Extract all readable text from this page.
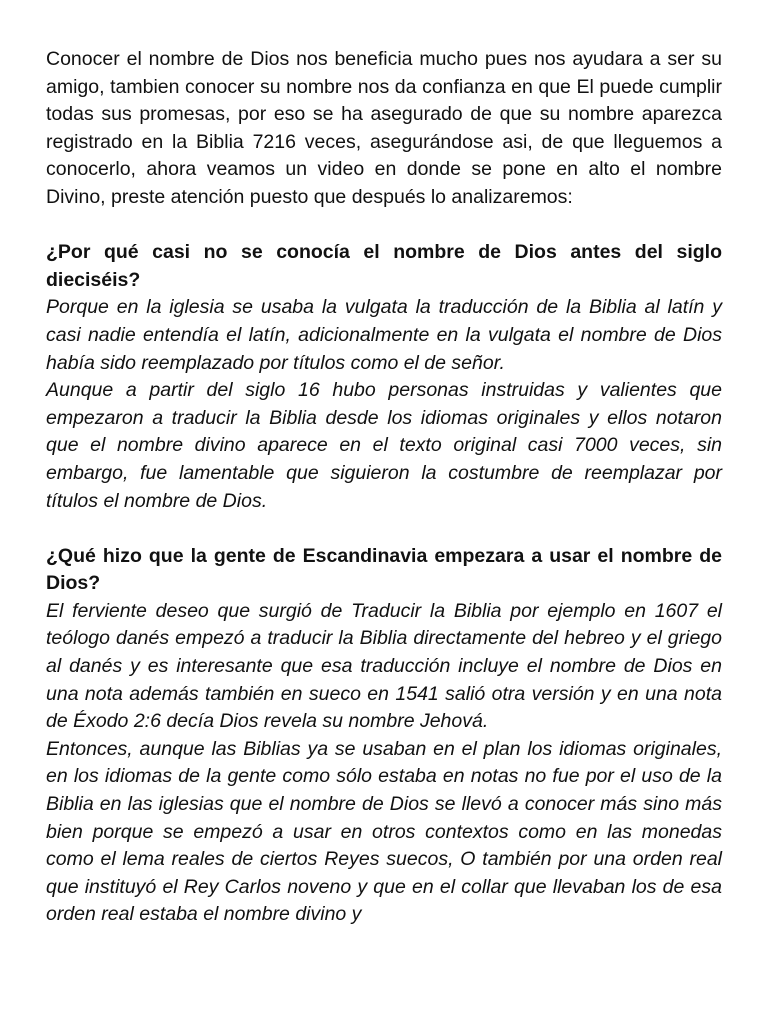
Conocer el nombre de Dios nos beneficia mucho pues nos ayudara a ser su amigo, tambien conocer su nombre nos da confianza en que El puede cumplir todas sus promesas, por eso se ha asegurado de que su nombre aparezca registrado en la Biblia 7216 veces, asegurándose asi, de que lleguemos a conocerlo, ahora veamos un video en donde se pone en alto el nombre Divino, preste atención puesto que después lo analizaremos:

¿Por qué casi no se conocía el nombre de Dios antes del siglo dieciséis?

Porque en la iglesia se usaba la vulgata la traducción de la Biblia al latín y casi nadie entendía el latín, adicionalmente en la vulgata el nombre de Dios había sido reemplazado por títulos como el de señor.

Aunque a partir del siglo 16 hubo personas instruidas y valientes que empezaron a traducir la Biblia desde los idiomas originales y ellos notaron que el nombre divino aparece en el texto original casi 7000 veces, sin embargo, fue lamentable que siguieron la costumbre de reemplazar por títulos el nombre de Dios.

¿Qué hizo que la gente de Escandinavia empezara a usar el nombre de Dios?

El ferviente deseo que surgió de Traducir la Biblia por ejemplo en 1607 el teólogo danés empezó a traducir la Biblia directamente del hebreo y el griego al danés y es interesante que esa traducción incluye el nombre de Dios en una nota además también en sueco en 1541 salió otra versión y en una nota de Éxodo 2:6 decía Dios revela su nombre Jehová.

Entonces, aunque las Biblias ya se usaban en el plan los idiomas originales, en los idiomas de la gente como sólo estaba en notas no fue por el uso de la Biblia en las iglesias que el nombre de Dios se llevó a conocer más sino más bien porque se empezó a usar en otros contextos como en las monedas como el lema reales de ciertos Reyes suecos, O también por una orden real que instituyó el Rey Carlos noveno y que en el collar que llevaban los de esa orden real estaba el nombre divino y
